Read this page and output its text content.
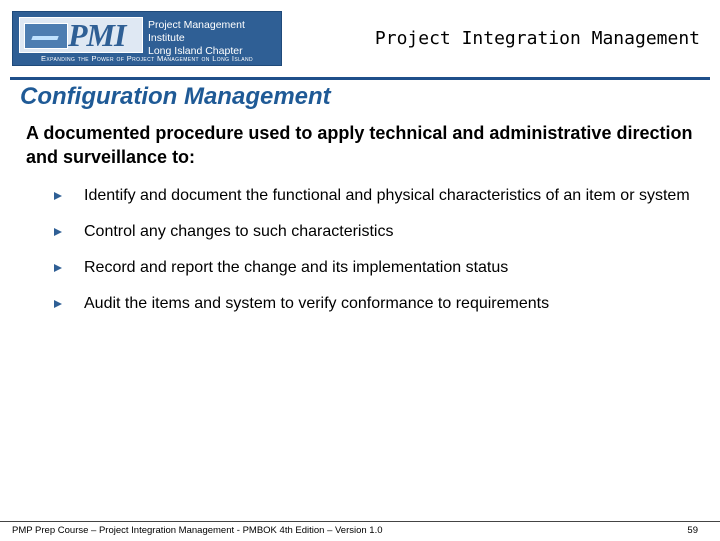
PMI Project Management Institute
Long Island Chapter
Expanding the Power of Project Management on Long Island
Project Integration Management
Configuration Management
A documented procedure used to apply technical and administrative direction and surveillance to:
Identify and document the functional and physical characteristics of an item or system
Control any changes to such characteristics
Record and report the change and its implementation status
Audit the items and system to verify conformance to requirements
PMP Prep Course – Project Integration Management - PMBOK 4th Edition – Version 1.0	59
